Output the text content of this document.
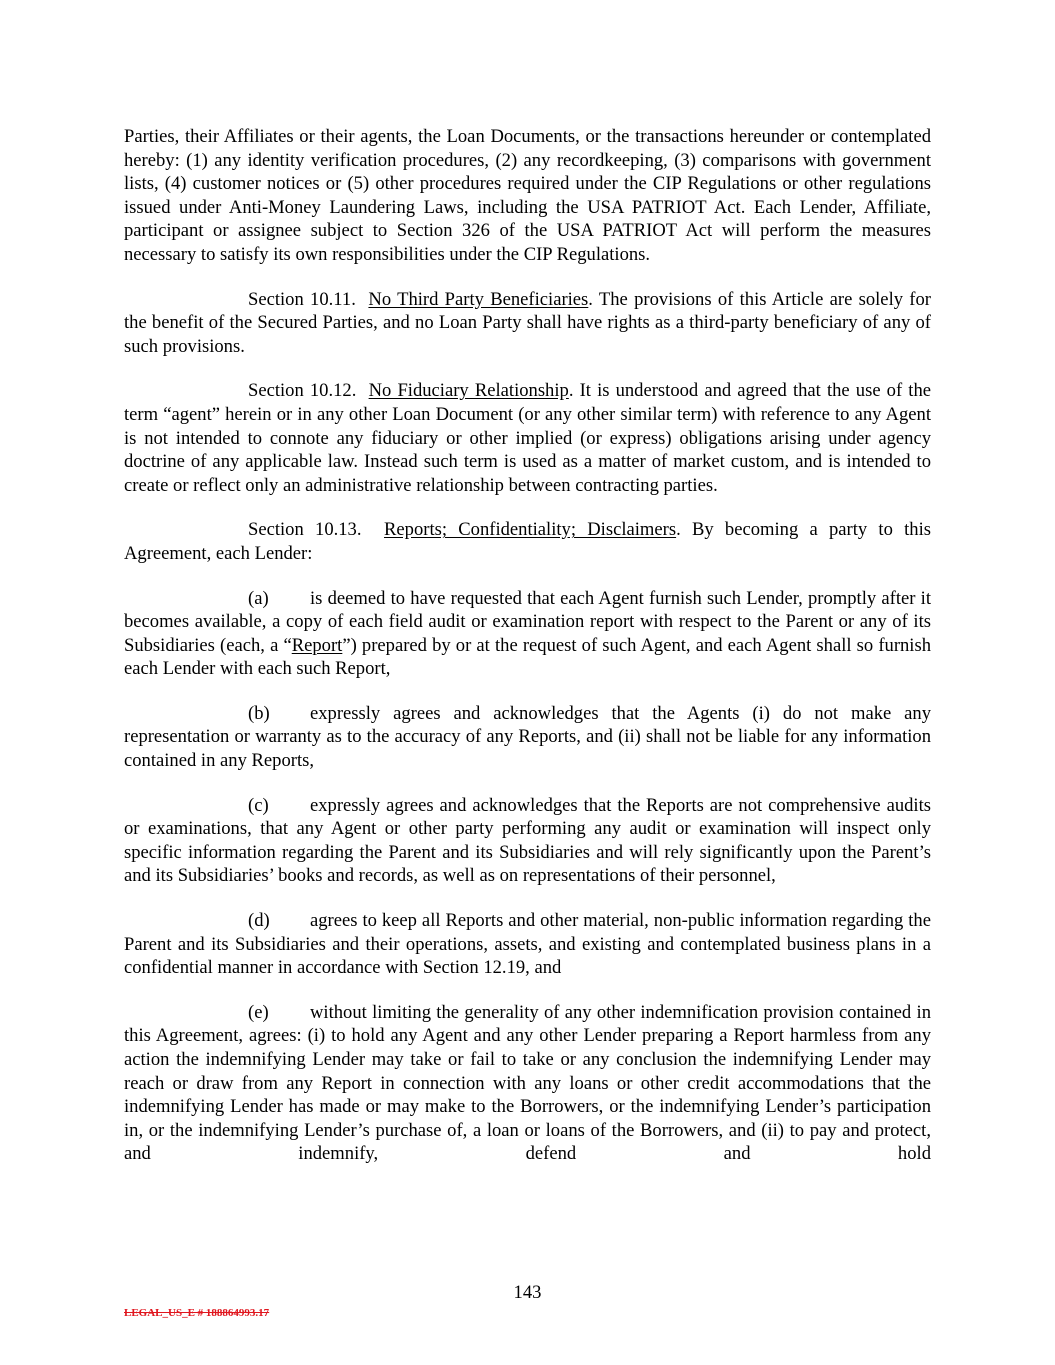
Parties, their Affiliates or their agents, the Loan Documents, or the transactions hereunder or contemplated hereby: (1) any identity verification procedures, (2) any recordkeeping, (3) comparisons with government lists, (4) customer notices or (5) other procedures required under the CIP Regulations or other regulations issued under Anti-Money Laundering Laws, including the USA PATRIOT Act. Each Lender, Affiliate, participant or assignee subject to Section 326 of the USA PATRIOT Act will perform the measures necessary to satisfy its own responsibilities under the CIP Regulations.

Section 10.11. No Third Party Beneficiaries. The provisions of this Article are solely for the benefit of the Secured Parties, and no Loan Party shall have rights as a third-party beneficiary of any of such provisions.

Section 10.12. No Fiduciary Relationship. It is understood and agreed that the use of the term “agent” herein or in any other Loan Document (or any other similar term) with reference to any Agent is not intended to connote any fiduciary or other implied (or express) obligations arising under agency doctrine of any applicable law. Instead such term is used as a matter of market custom, and is intended to create or reflect only an administrative relationship between contracting parties.

Section 10.13. Reports; Confidentiality; Disclaimers. By becoming a party to this Agreement, each Lender:

(a) is deemed to have requested that each Agent furnish such Lender, promptly after it becomes available, a copy of each field audit or examination report with respect to the Parent or any of its Subsidiaries (each, a “Report”) prepared by or at the request of such Agent, and each Agent shall so furnish each Lender with each such Report,

(b) expressly agrees and acknowledges that the Agents (i) do not make any representation or warranty as to the accuracy of any Reports, and (ii) shall not be liable for any information contained in any Reports,

(c) expressly agrees and acknowledges that the Reports are not comprehensive audits or examinations, that any Agent or other party performing any audit or examination will inspect only specific information regarding the Parent and its Subsidiaries and will rely significantly upon the Parent’s and its Subsidiaries’ books and records, as well as on representations of their personnel,

(d) agrees to keep all Reports and other material, non-public information regarding the Parent and its Subsidiaries and their operations, assets, and existing and contemplated business plans in a confidential manner in accordance with Section 12.19, and

(e) without limiting the generality of any other indemnification provision contained in this Agreement, agrees: (i) to hold any Agent and any other Lender preparing a Report harmless from any action the indemnifying Lender may take or fail to take or any conclusion the indemnifying Lender may reach or draw from any Report in connection with any loans or other credit accommodations that the indemnifying Lender has made or may make to the Borrowers, or the indemnifying Lender’s participation in, or the indemnifying Lender’s purchase of, a loan or loans of the Borrowers, and (ii) to pay and protect, and indemnify, defend and hold

143
LEGAL_US_E # 188864993.17
